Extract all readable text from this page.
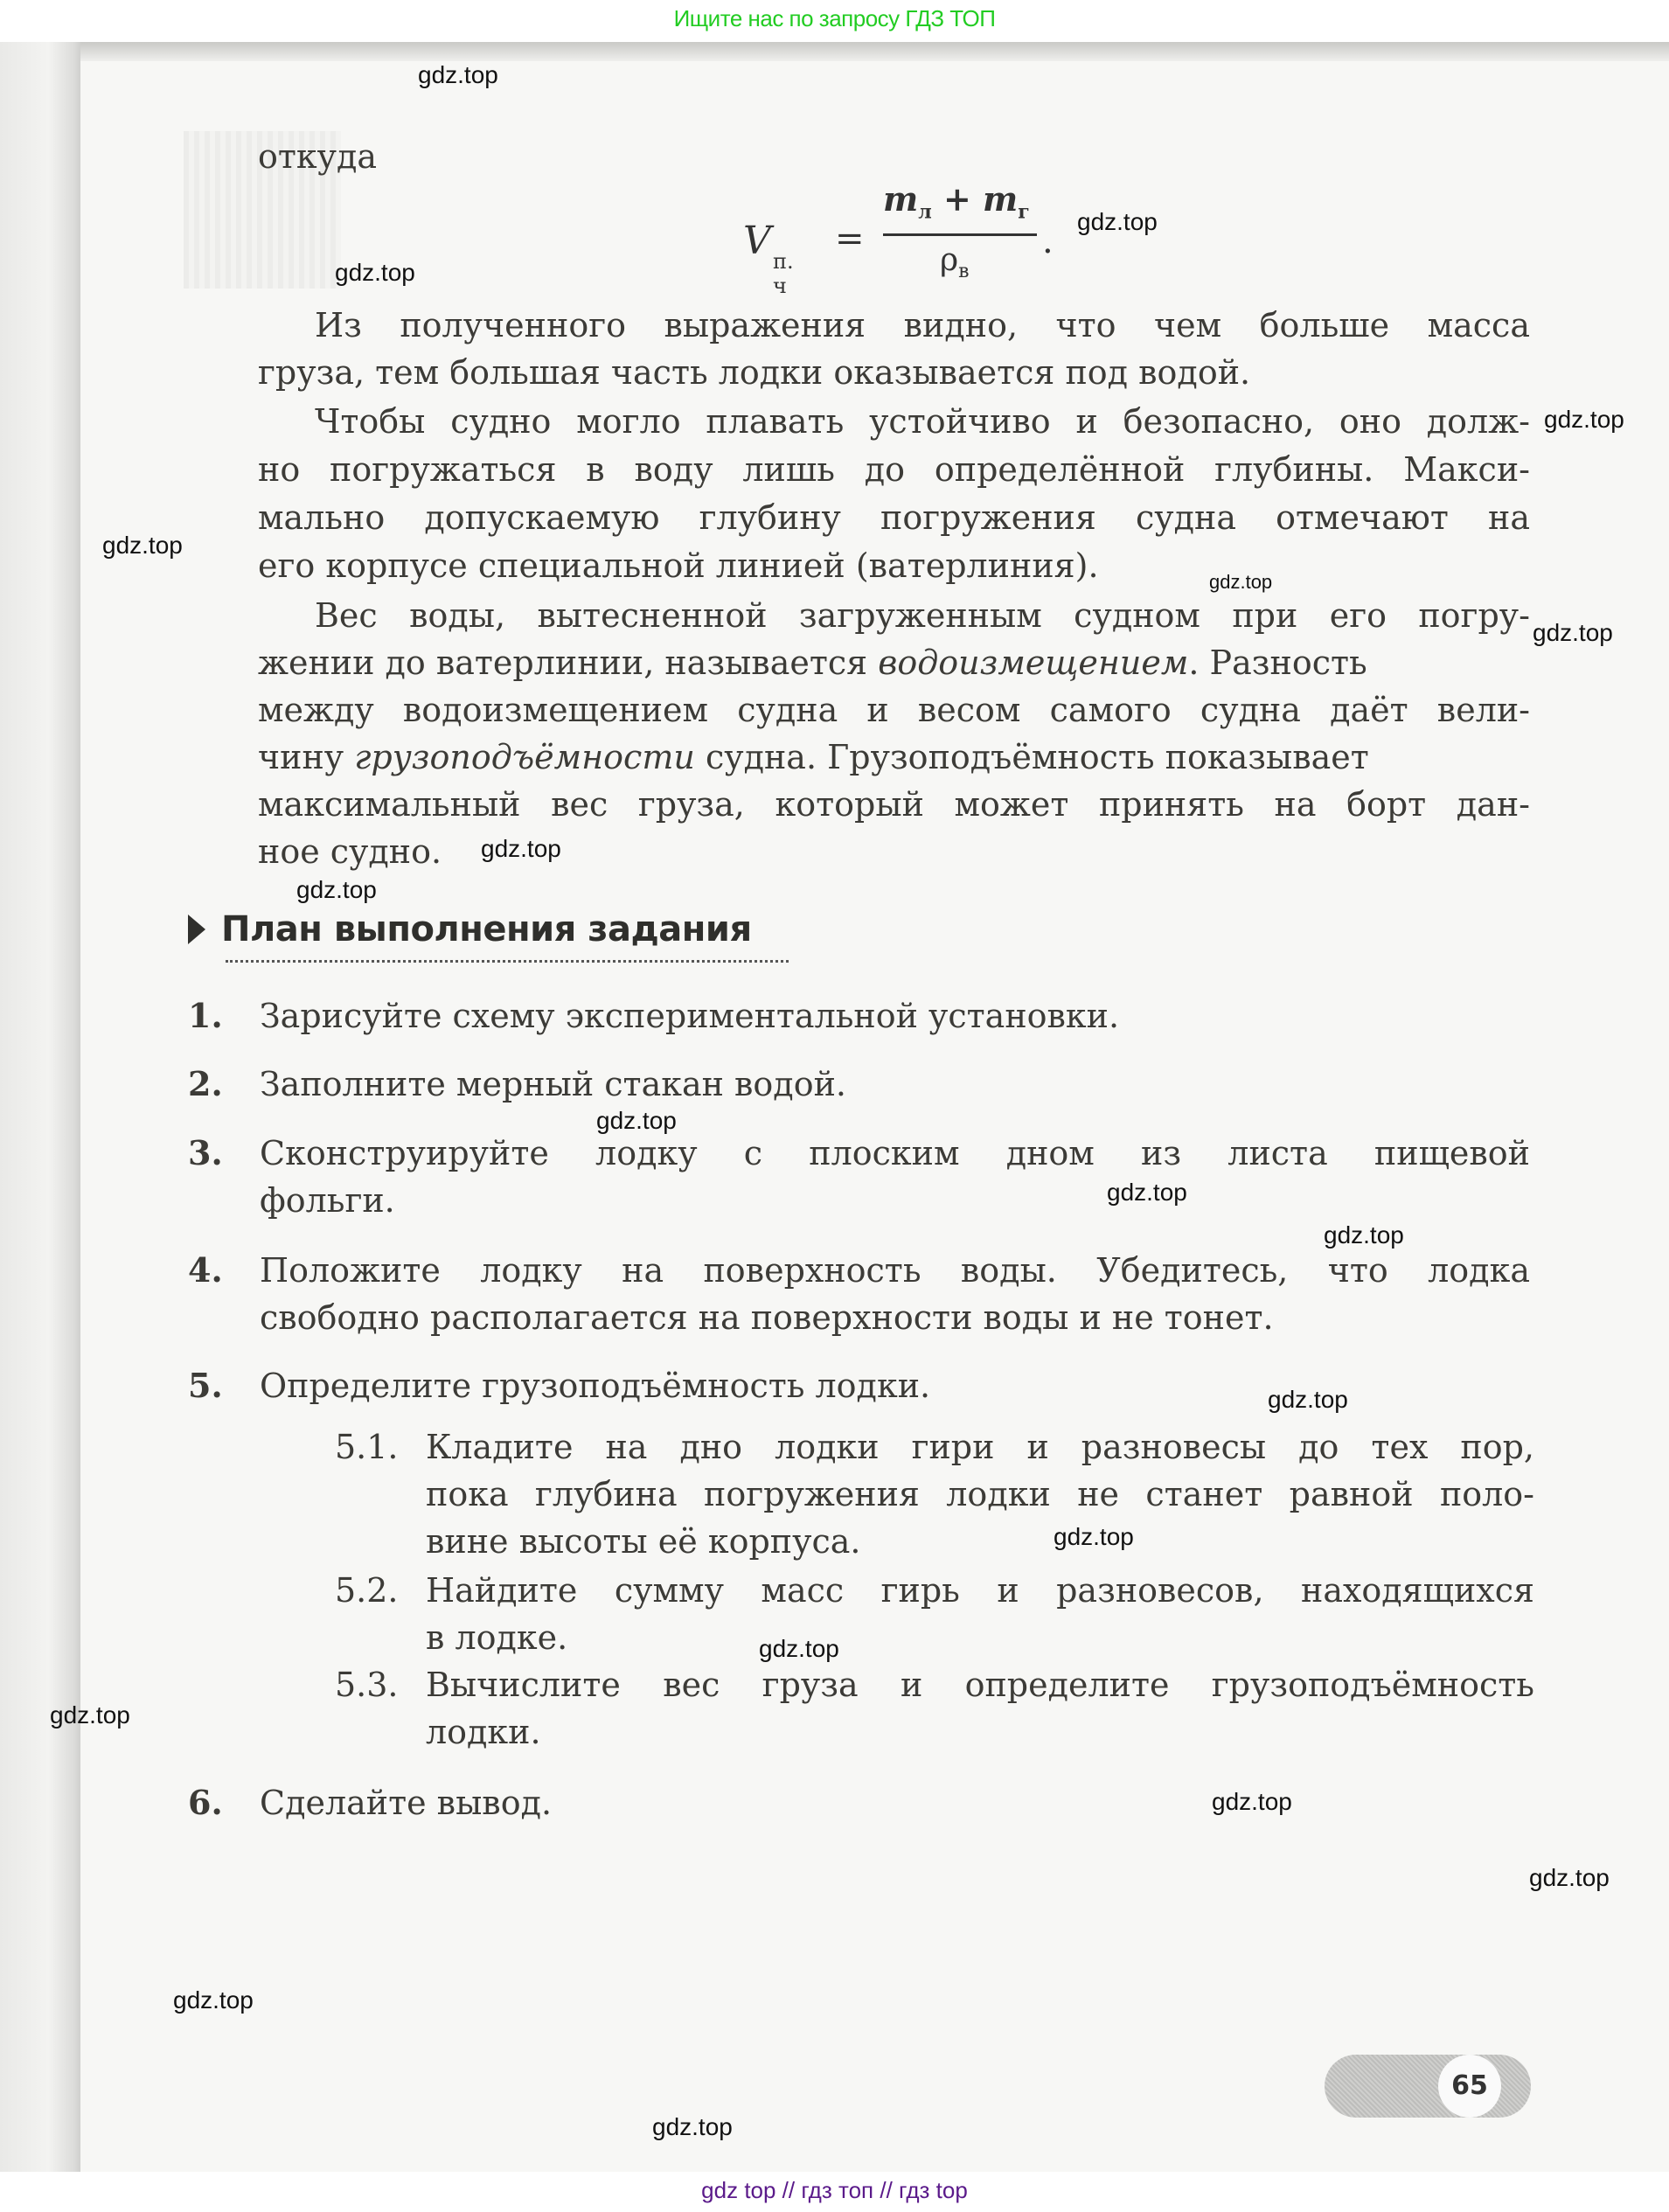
Ищите нас по запросу ГДЗ ТОП
откуда
V п. ч
=
$m_л + m_г$
$\rho_в$
.
Из полученного выражения видно, что чем больше масса
груза, тем большая часть лодки оказывается под водой.
Чтобы судно могло плавать устойчиво и безопасно, оно долж-
но погружаться в воду лишь до определённой глубины. Макси-
мально допускаемую глубину погружения судна отмечают на
его корпусе специальной линией (ватерлиния).
Вес воды, вытесненной загруженным судном при его погру-
жении до ватерлинии, называется водоизмещением. Разность
между водоизмещением судна и весом самого судна даёт вели-
чину грузоподъёмности судна. Грузоподъёмность показывает
максимальный вес груза, который может принять на борт дан-
ное судно.
План выполнения задания
1. Зарисуйте схему экспериментальной установки.
2. Заполните мерный стакан водой.
3. Сконструируйте лодку с плоским дном из листа пищевой
фольги.
4. Положите лодку на поверхность воды. Убедитесь, что лодка
свободно располагается на поверхности воды и не тонет.
5. Определите грузоподъёмность лодки.
5.1. Кладите на дно лодки гири и разновесы до тех пор,
пока глубина погружения лодки не станет равной поло-
вине высоты её корпуса.
5.2. Найдите сумму масс гирь и разновесов, находящихся
в лодке.
5.3. Вычислите вес груза и определите грузоподъёмность
лодки.
6. Сделайте вывод.
65
gdz.top
gdz.top
gdz.top
gdz.top
gdz.top
gdz.top
gdz.top
gdz.top
gdz.top
gdz.top
gdz.top
gdz.top
gdz.top
gdz.top
gdz.top
gdz.top
gdz.top
gdz.top
gdz.top
gdz.top
gdz top // гдз топ // гдз top
